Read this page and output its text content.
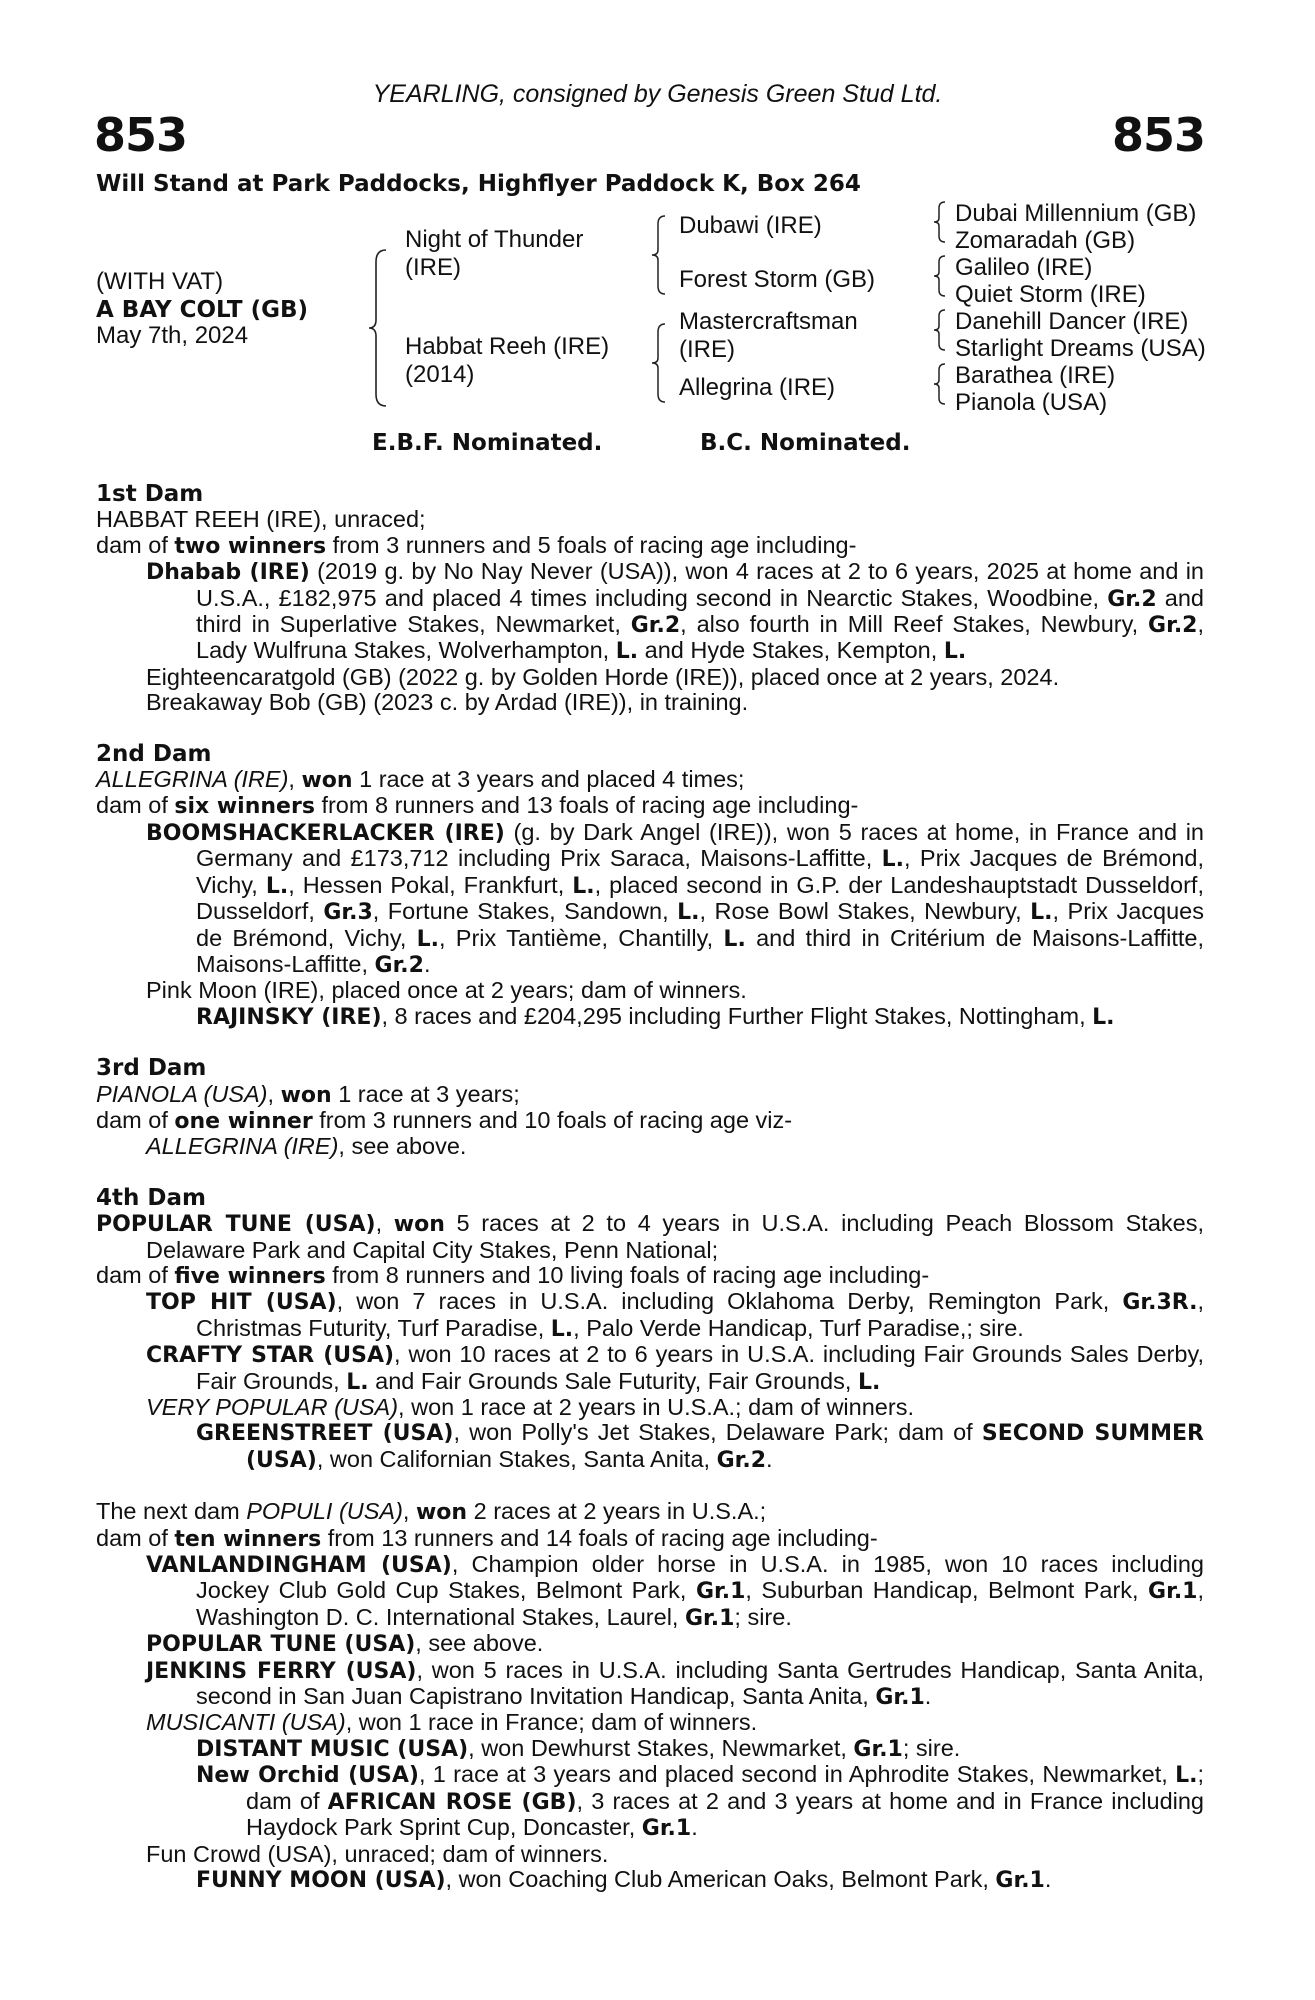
YEARLING, consigned by Genesis Green Stud Ltd.
853	853
Will Stand at Park Paddocks, Highflyer Paddock K, Box 264
(WITH VAT)
A BAY COLT (GB)
May 7th, 2024
Night of Thunder
(IRE)
Habbat Reeh (IRE)
(2014)
Dubawi (IRE)
Forest Storm (GB)
Mastercraftsman
(IRE)
Allegrina (IRE)
Dubai Millennium (GB)
Zomaradah (GB)
Galileo (IRE)
Quiet Storm (IRE)
Danehill Dancer (IRE)
Starlight Dreams (USA)
Barathea (IRE)
Pianola (USA)
E.B.F. Nominated.	B.C. Nominated.

1st Dam

HABBAT REEH (IRE), unraced;

dam of two winners from 3 runners and 5 foals of racing age including-

Dhabab (IRE) (2019 g. by No Nay Never (USA)), won 4 races at 2 to 6 years, 2025 at home and in U.S.A., £182,975 and placed 4 times including second in Nearctic Stakes, Woodbine, Gr.2 and third in Superlative Stakes, Newmarket, Gr.2, also fourth in Mill Reef Stakes, Newbury, Gr.2, Lady Wulfruna Stakes, Wolverhampton, L. and Hyde Stakes, Kempton, L.

Eighteencaratgold (GB) (2022 g. by Golden Horde (IRE)), placed once at 2 years, 2024.

Breakaway Bob (GB) (2023 c. by Ardad (IRE)), in training.

2nd Dam

ALLEGRINA (IRE), won 1 race at 3 years and placed 4 times;

dam of six winners from 8 runners and 13 foals of racing age including-

BOOMSHACKERLACKER (IRE) (g. by Dark Angel (IRE)), won 5 races at home, in France and in Germany and £173,712 including Prix Saraca, Maisons-Laffitte, L., Prix Jacques de Brémond, Vichy, L., Hessen Pokal, Frankfurt, L., placed second in G.P. der Landeshauptstadt Dusseldorf, Dusseldorf, Gr.3, Fortune Stakes, Sandown, L., Rose Bowl Stakes, Newbury, L., Prix Jacques de Brémond, Vichy, L., Prix Tantième, Chantilly, L. and third in Critérium de Maisons-Laffitte, Maisons-Laffitte, Gr.2.

Pink Moon (IRE), placed once at 2 years; dam of winners.

RAJINSKY (IRE), 8 races and £204,295 including Further Flight Stakes, Nottingham, L.

3rd Dam

PIANOLA (USA), won 1 race at 3 years;

dam of one winner from 3 runners and 10 foals of racing age viz-

ALLEGRINA (IRE), see above.

4th Dam

POPULAR TUNE (USA), won 5 races at 2 to 4 years in U.S.A. including Peach Blossom Stakes, Delaware Park and Capital City Stakes, Penn National;

dam of five winners from 8 runners and 10 living foals of racing age including-

TOP HIT (USA), won 7 races in U.S.A. including Oklahoma Derby, Remington Park, Gr.3R., Christmas Futurity, Turf Paradise, L., Palo Verde Handicap, Turf Paradise,; sire.

CRAFTY STAR (USA), won 10 races at 2 to 6 years in U.S.A. including Fair Grounds Sales Derby, Fair Grounds, L. and Fair Grounds Sale Futurity, Fair Grounds, L.

VERY POPULAR (USA), won 1 race at 2 years in U.S.A.; dam of winners.

GREENSTREET (USA), won Polly's Jet Stakes, Delaware Park; dam of SECOND SUMMER (USA), won Californian Stakes, Santa Anita, Gr.2.

The next dam POPULI (USA), won 2 races at 2 years in U.S.A.;

dam of ten winners from 13 runners and 14 foals of racing age including-

VANLANDINGHAM (USA), Champion older horse in U.S.A. in 1985, won 10 races including Jockey Club Gold Cup Stakes, Belmont Park, Gr.1, Suburban Handicap, Belmont Park, Gr.1, Washington D. C. International Stakes, Laurel, Gr.1; sire.

POPULAR TUNE (USA), see above.

JENKINS FERRY (USA), won 5 races in U.S.A. including Santa Gertrudes Handicap, Santa Anita, second in San Juan Capistrano Invitation Handicap, Santa Anita, Gr.1.

MUSICANTI (USA), won 1 race in France; dam of winners.

DISTANT MUSIC (USA), won Dewhurst Stakes, Newmarket, Gr.1; sire.

New Orchid (USA), 1 race at 3 years and placed second in Aphrodite Stakes, Newmarket, L.; dam of AFRICAN ROSE (GB), 3 races at 2 and 3 years at home and in France including Haydock Park Sprint Cup, Doncaster, Gr.1.

Fun Crowd (USA), unraced; dam of winners.

FUNNY MOON (USA), won Coaching Club American Oaks, Belmont Park, Gr.1.
